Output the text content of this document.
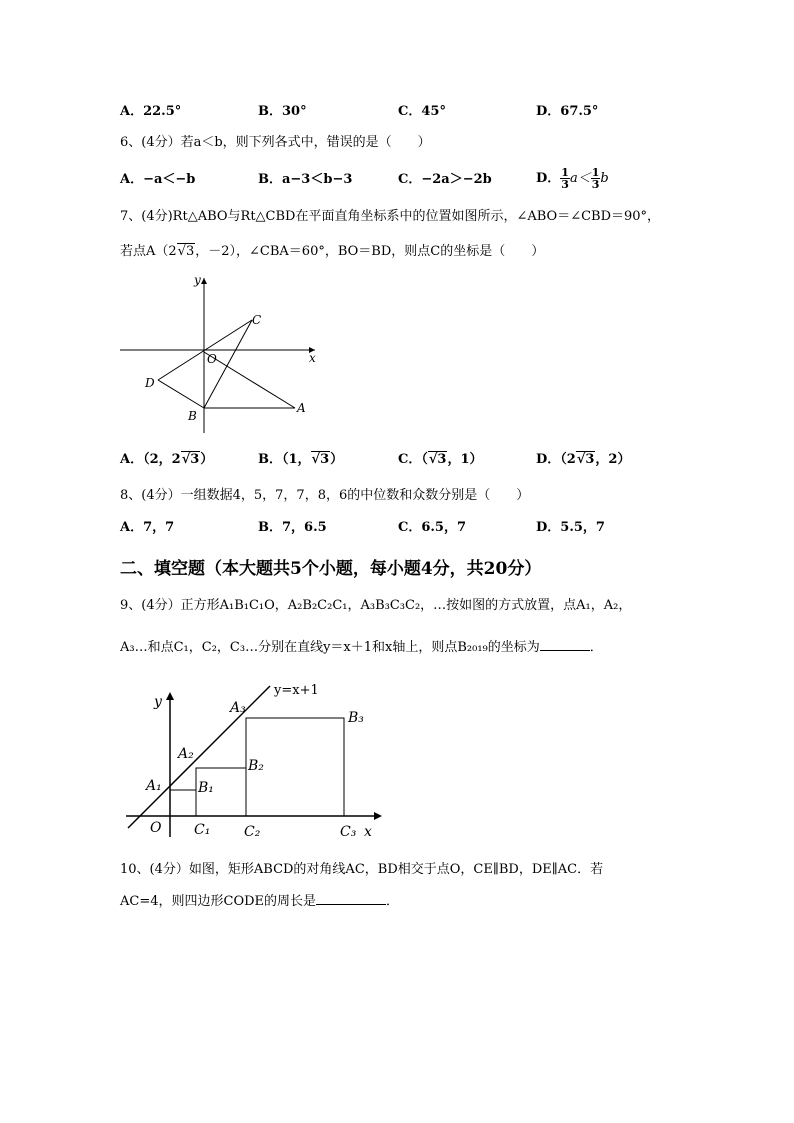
A．22.5°	B．30°	C．45°	D．67.5°
6、(4分）若a＜b，则下列各式中，错误的是（　　）
A．−a＜−b	B．a−3＜b−3	C．−2a＞−2b	D． $\frac{1}{3} a< \frac{1}{3}$ b
7、(4分)Rt△ABO与Rt△CBD在平面直角坐标系中的位置如图所示，∠ABO＝∠CBD＝90°，
若点A（2√3，－2），∠CBA＝60°，BO＝BD，则点C的坐标是（　　）
y
x
C
O
D
B
A
A．（2，2√3）	B．（1，√3）	C．（√3，1）	D．（2√3，2）
8、(4分）一组数据4，5，7，7，8，6的中位数和众数分别是（　　）
A．7，7	B．7，6.5	C．6.5，7	D．5.5，7
二、填空题（本大题共5个小题，每小题4分，共20分）
9、(4分）正方形A₁B₁C₁O，A₂B₂C₂C₁，A₃B₃C₃C₂，…按如图的方式放置，点A₁，A₂，
A₃…和点C₁，C₂，C₃…分别在直线y＝x＋1和x轴上，则点B₂₀₁₉的坐标为	．
y=x+1
y
x
O
A₁
A₂
A₃
B₁
B₂
B₃
C₁ C₂	C₃
10、(4分）如图，矩形ABCD的对角线AC，BD相交于点O，CE∥BD，DE∥AC．若
AC=4，则四边形CODE的周长是	．
